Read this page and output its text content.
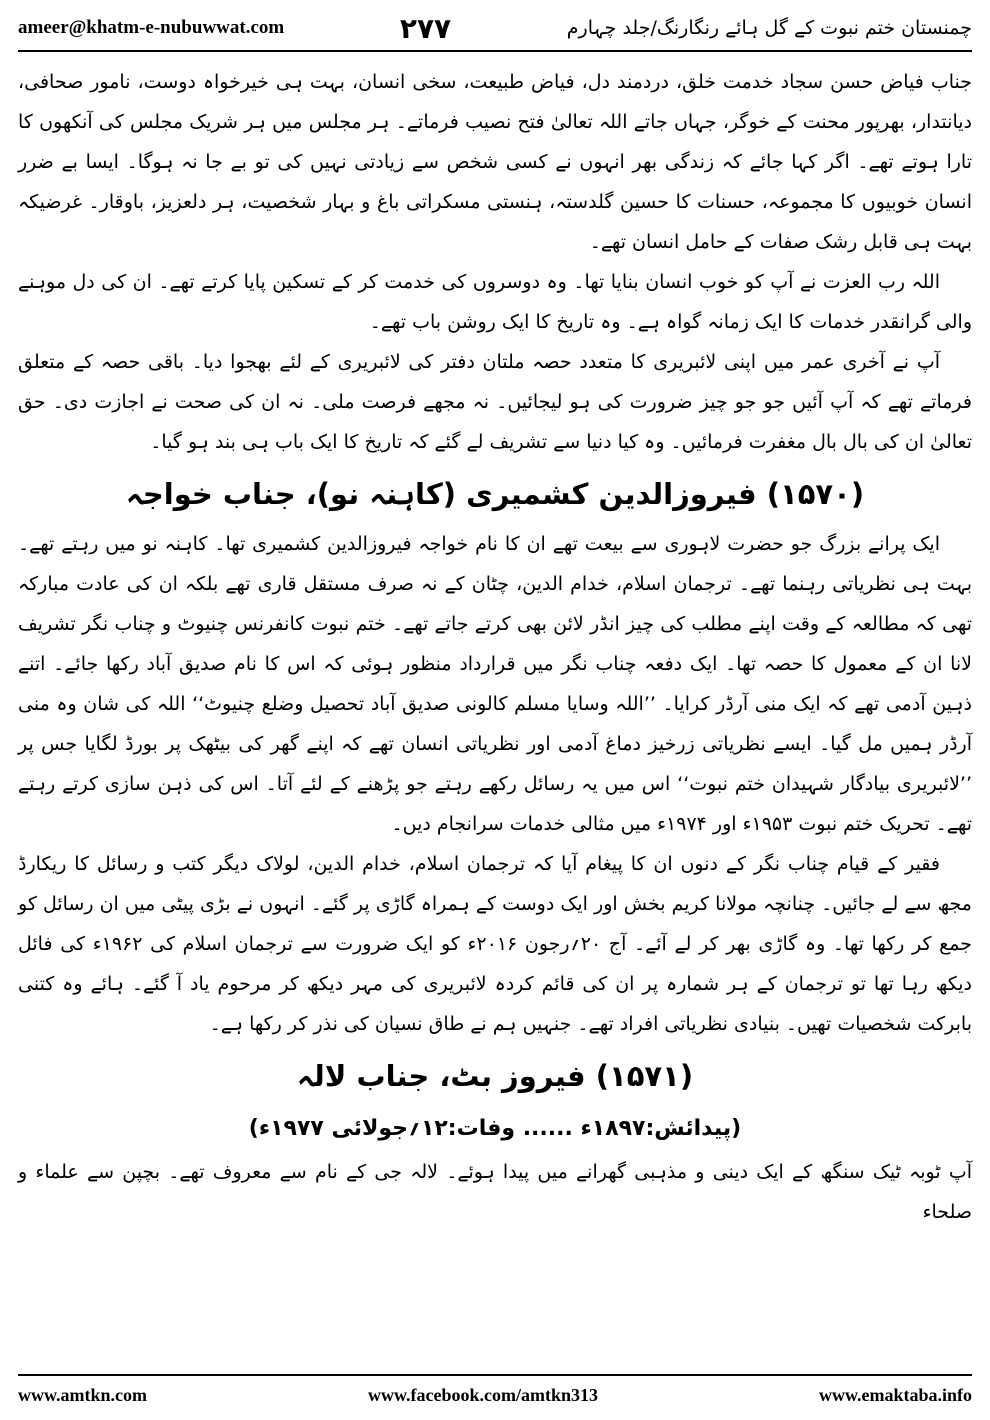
ameer@khatm-e-nubuwwat.com	۲۷۷	چمنستان ختم نبوت کے گل ہائے رنگارنگ/جلد چہارم

جناب فیاض حسن سجاد خدمت خلق، دردمند دل، فیاض طبیعت، سخی انسان، بہت ہی خیرخواہ دوست، نامور صحافی، دیانتدار، بھرپور محنت کے خوگر، جہاں جاتے اللہ تعالیٰ فتح نصیب فرماتے۔ ہر مجلس میں ہر شریک مجلس کی آنکھوں کا تارا ہوتے تھے۔ اگر کہا جائے کہ زندگی بھر انہوں نے کسی شخص سے زیادتی نہیں کی تو بے جا نہ ہوگا۔ ایسا بے ضرر انسان خوبیوں کا مجموعہ، حسنات کا حسین گلدستہ، ہنستی مسکراتی باغ و بہار شخصیت، ہر دلعزیز، باوقار۔ غرضیکہ بہت ہی قابل رشک صفات کے حامل انسان تھے۔

اللہ رب العزت نے آپ کو خوب انسان بنایا تھا۔ وہ دوسروں کی خدمت کر کے تسکین پایا کرتے تھے۔ ان کی دل موہنے والی گرانقدر خدمات کا ایک زمانہ گواہ ہے۔ وہ تاریخ کا ایک روشن باب تھے۔

آپ نے آخری عمر میں اپنی لائبریری کا متعدد حصہ ملتان دفتر کی لائبریری کے لئے بھجوا دیا۔ باقی حصہ کے متعلق فرماتے تھے کہ آپ آئیں جو جو چیز ضرورت کی ہو لیجائیں۔ نہ مجھے فرصت ملی۔ نہ ان کی صحت نے اجازت دی۔ حق تعالیٰ ان کی بال بال مغفرت فرمائیں۔ وہ کیا دنیا سے تشریف لے گئے کہ تاریخ کا ایک باب ہی بند ہو گیا۔

(۱۵۷۰) فیروزالدین کشمیری (کاہنہ نو)، جناب خواجہ

ایک پرانے بزرگ جو حضرت لاہوری سے بیعت تھے ان کا نام خواجہ فیروزالدین کشمیری تھا۔ کاہنہ نو میں رہتے تھے۔ بہت ہی نظریاتی رہنما تھے۔ ترجمان اسلام، خدام الدین، چٹان کے نہ صرف مستقل قاری تھے بلکہ ان کی عادت مبارکہ تھی کہ مطالعہ کے وقت اپنے مطلب کی چیز انڈر لائن بھی کرتے جاتے تھے۔ ختم نبوت کانفرنس چنیوٹ و چناب نگر تشریف لانا ان کے معمول کا حصہ تھا۔ ایک دفعہ چناب نگر میں قرارداد منظور ہوئی کہ اس کا نام صدیق آباد رکھا جائے۔ اتنے ذہین آدمی تھے کہ ایک منی آرڈر کرایا۔ ’’اللہ وسایا مسلم کالونی صدیق آباد تحصیل وضلع چنیوٹ‘‘ اللہ کی شان وہ منی آرڈر ہمیں مل گیا۔ ایسے نظریاتی زرخیز دماغ آدمی اور نظریاتی انسان تھے کہ اپنے گھر کی بیٹھک پر بورڈ لگایا جس پر ’’لائبریری بیادگار شہیدان ختم نبوت‘‘ اس میں یہ رسائل رکھے رہتے جو پڑھنے کے لئے آتا۔ اس کی ذہن سازی کرتے رہتے تھے۔ تحریک ختم نبوت ۱۹۵۳ء اور ۱۹۷۴ء میں مثالی خدمات سرانجام دیں۔

فقیر کے قیام چناب نگر کے دنوں ان کا پیغام آیا کہ ترجمان اسلام، خدام الدین، لولاک دیگر کتب و رسائل کا ریکارڈ مجھ سے لے جائیں۔ چنانچہ مولانا کریم بخش اور ایک دوست کے ہمراہ گاڑی پر گئے۔ انہوں نے بڑی پیٹی میں ان رسائل کو جمع کر رکھا تھا۔ وہ گاڑی بھر کر لے آئے۔ آج ۲۰؍رجون ۲۰۱۶ء کو ایک ضرورت سے ترجمان اسلام کی ۱۹۶۲ء کی فائل دیکھ رہا تھا تو ترجمان کے ہر شمارہ پر ان کی قائم کردہ لائبریری کی مہر دیکھ کر مرحوم یاد آ گئے۔ ہائے وہ کتنی بابرکت شخصیات تھیں۔ بنیادی نظریاتی افراد تھے۔ جنہیں ہم نے طاق نسیان کی نذر کر رکھا ہے۔

(۱۵۷۱) فیروز بٹ، جناب لالہ
(پیدائش:۱۸۹۷ء ...... وفات:۱۲؍جولائی ۱۹۷۷ء)

آپ ٹوبہ ٹیک سنگھ کے ایک دینی و مذہبی گھرانے میں پیدا ہوئے۔ لالہ جی کے نام سے معروف تھے۔ بچپن سے علماء و صلحاء

www.amtkn.com	www.facebook.com/amtkn313	www.emaktaba.info
